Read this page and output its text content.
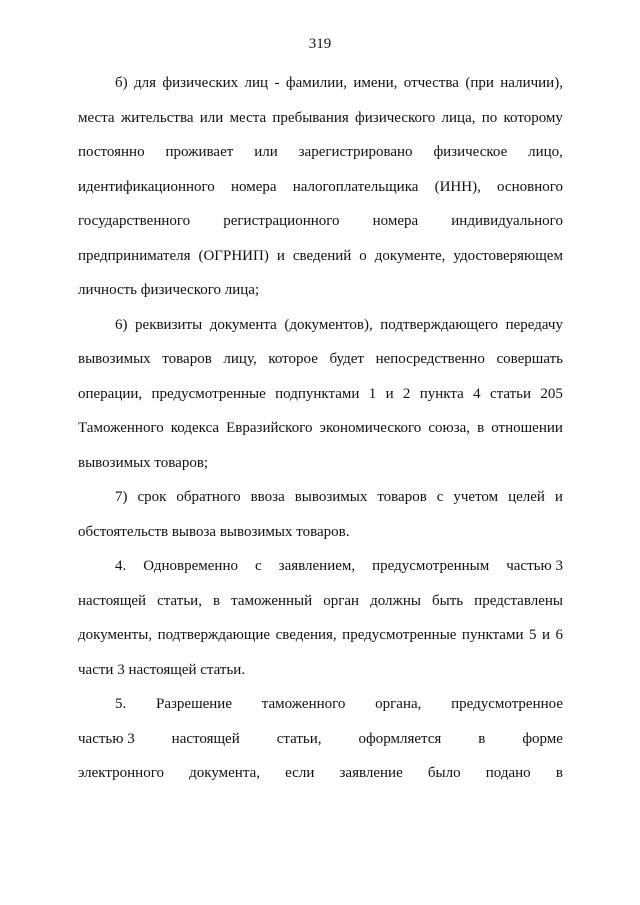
319
б) для физических лиц - фамилии, имени, отчества (при наличии),
места жительства или места пребывания физического лица, по которому
постоянно проживает или зарегистрировано физическое лицо,
идентификационного номера налогоплательщика (ИНН), основного
государственного регистрационного номера индивидуального
предпринимателя (ОГРНИП) и сведений о документе, удостоверяющем
личность физического лица;
6) реквизиты документа (документов), подтверждающего передачу
вывозимых товаров лицу, которое будет непосредственно совершать
операции, предусмотренные подпунктами 1 и 2 пункта 4 статьи 205
Таможенного кодекса Евразийского экономического союза, в отношении
вывозимых товаров;
7) срок обратного ввоза вывозимых товаров с учетом целей и
обстоятельств вывоза вывозимых товаров.
4. Одновременно с заявлением, предусмотренным частью 3
настоящей статьи, в таможенный орган должны быть представлены
документы, подтверждающие сведения, предусмотренные пунктами 5 и 6
части 3 настоящей статьи.
5. Разрешение таможенного органа, предусмотренное
частью 3 настоящей статьи, оформляется в форме
электронного документа, если заявление было подано в
